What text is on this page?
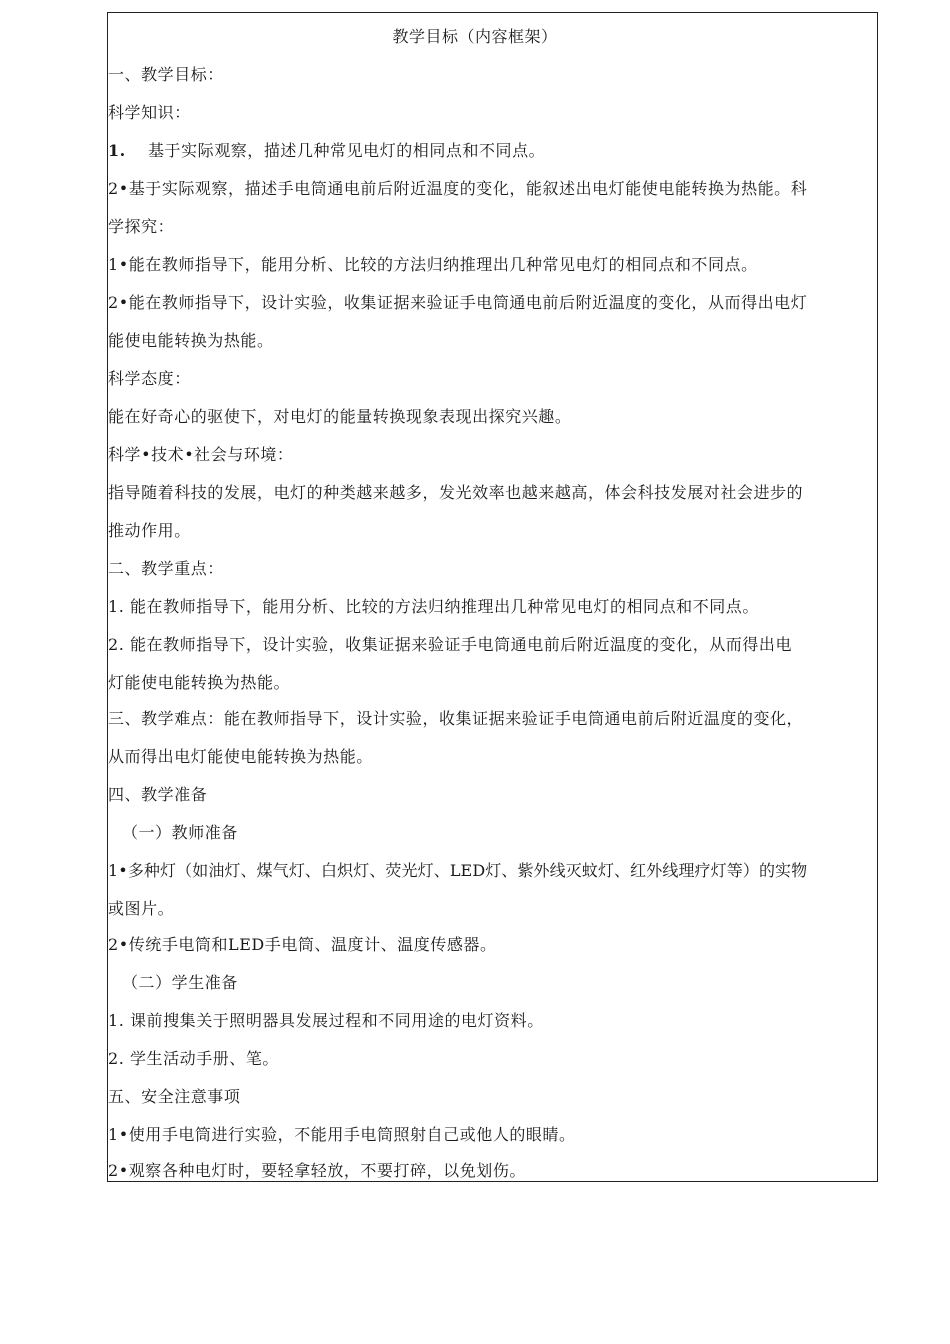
教学目标（内容框架）
一、教学目标：
科学知识：
1. 基于实际观察，描述几种常见电灯的相同点和不同点。
2•基于实际观察，描述手电筒通电前后附近温度的变化，能叙述出电灯能使电能转换为热能。科
学探究：
1•能在教师指导下，能用分析、比较的方法归纳推理出几种常见电灯的相同点和不同点。
2•能在教师指导下，设计实验，收集证据来验证手电筒通电前后附近温度的变化，从而得出电灯
能使电能转换为热能。
科学态度：
能在好奇心的驱使下，对电灯的能量转换现象表现出探究兴趣。
科学•技术•社会与环境：
指导随着科技的发展，电灯的种类越来越多，发光效率也越来越高，体会科技发展对社会进步的
推动作用。
二、教学重点：
1. 能在教师指导下，能用分析、比较的方法归纳推理出几种常见电灯的相同点和不同点。
2. 能在教师指导下，设计实验，收集证据来验证手电筒通电前后附近温度的变化，从而得出电
灯能使电能转换为热能。
三、教学难点：能在教师指导下，设计实验，收集证据来验证手电筒通电前后附近温度的变化，
从而得出电灯能使电能转换为热能。
四、教学准备
（一）教师准备
1•多种灯（如油灯、煤气灯、白炽灯、荧光灯、LED灯、紫外线灭蚊灯、红外线理疗灯等）的实物
或图片。
2•传统手电筒和LED手电筒、温度计、温度传感器。
（二）学生准备
1. 课前搜集关于照明器具发展过程和不同用途的电灯资料。
2. 学生活动手册、笔。
五、安全注意事项
1•使用手电筒进行实验，不能用手电筒照射自己或他人的眼睛。
2•观察各种电灯时，要轻拿轻放，不要打碎，以免划伤。
